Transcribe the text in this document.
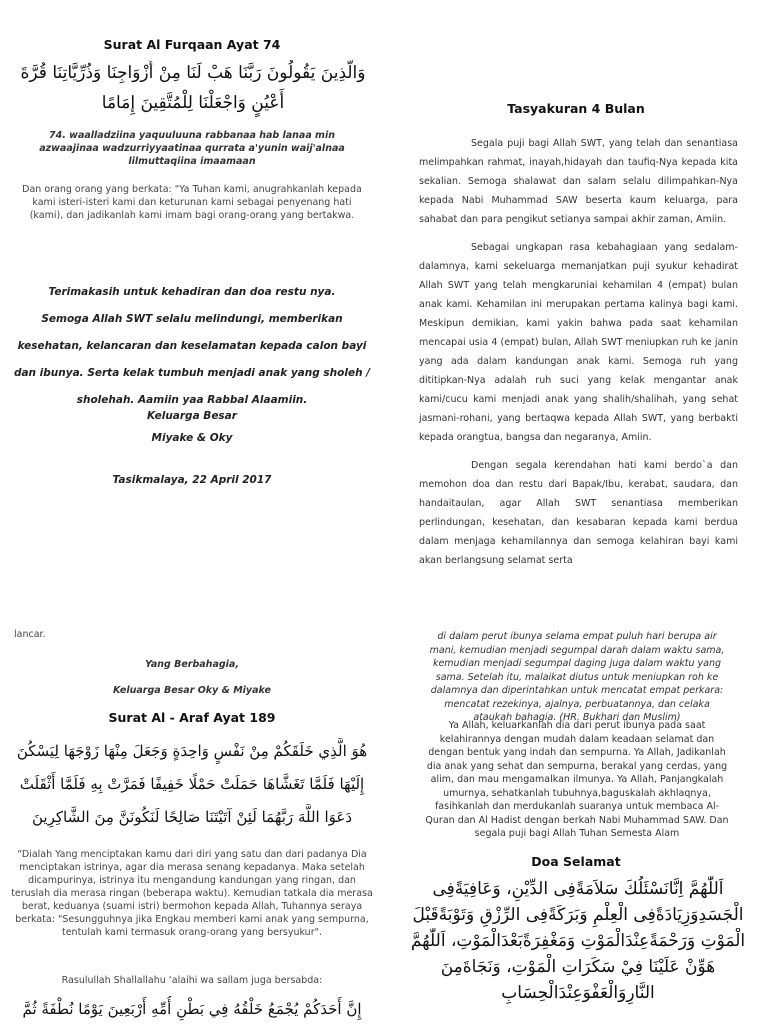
Surat Al Furqaan Ayat 74
وَالَّذِينَ يَقُولُونَ رَبَّنَا هَبْ لَنَا مِنْ أَزْوَاجِنَا وَذُرِّيَّاتِنَا قُرَّةَ
أَعْيُنٍ وَاجْعَلْنَا لِلْمُتَّقِينَ إِمَامًا
74. waalladziina yaquuluuna rabbanaa hab lanaa min azwaajinaa wadzurriyyaatinaa qurrata a'yunin waij'alnaa lilmuttaqiina imaamaan
Dan orang orang yang berkata: "Ya Tuhan kami, anugrahkanlah kepada kami isteri-isteri kami dan keturunan kami sebagai penyenang hati (kami), dan jadikanlah kami imam bagi orang-orang yang bertakwa.
Terimakasih untuk kehadiran dan doa restu nya.
Semoga Allah SWT selalu melindungi, memberikan
kesehatan, kelancaran dan keselamatan kepada calon bayi
dan ibunya. Serta kelak tumbuh menjadi anak yang sholeh /
sholehah. Aamiin yaa Rabbal Alaamiin.
Keluarga Besar
Miyake & Oky
Tasikmalaya, 22 April 2017
Tasyakuran 4 Bulan
Segala puji bagi Allah SWT, yang telah dan senantiasa melimpahkan rahmat, inayah,hidayah dan taufiq-Nya kepada kita sekalian. Semoga shalawat dan salam selalu dilimpahkan-Nya kepada Nabi Muhammad SAW beserta kaum keluarga, para sahabat dan para pengikut setianya sampai akhir zaman, Amiin.
Sebagai ungkapan rasa kebahagiaan yang sedalam-dalamnya, kami sekeluarga memanjatkan puji syukur kehadirat Allah SWT yang telah mengkaruniai kehamilan 4 (empat) bulan anak kami. Kehamilan ini merupakan pertama kalinya bagi kami. Meskipun demikian, kami yakin bahwa pada saat kehamilan mencapai usia 4 (empat) bulan, Allah SWT meniupkan ruh ke janin yang ada dalam kandungan anak kami. Semoga ruh yang dititipkan-Nya adalah ruh suci yang kelak mengantar anak kami/cucu kami menjadi anak yang shalih/shalihah, yang sehat jasmani-rohani, yang bertaqwa kepada Allah SWT, yang berbakti kepada orangtua, bangsa dan negaranya, Amiin.
Dengan segala kerendahan hati kami berdo`a dan memohon doa dan restu dari Bapak/Ibu, kerabat, saudara, dan handaitaulan, agar Allah SWT senantiasa memberikan perlindungan, kesehatan, dan kesabaran kepada kami berdua dalam menjaga kehamilannya dan semoga kelahiran bayi kami akan berlangsung selamat serta
lancar.
Yang Berbahagia,
Keluarga Besar Oky & Miyake
Surat Al - Araf Ayat 189
هُوَ الَّذِي خَلَقَكُمْ مِنْ نَفْسٍ وَاحِدَةٍ وَجَعَلَ مِنْهَا زَوْجَهَا لِيَسْكُنَ
إِلَيْهَا فَلَمَّا تَغَشَّاهَا حَمَلَتْ حَمْلًا خَفِيفًا فَمَرَّتْ بِهِ فَلَمَّا أَثْقَلَتْ
دَعَوَا اللَّهَ رَبَّهُمَا لَئِنْ آتَيْتَنَا صَالِحًا لَنَكُونَنَّ مِنَ الشَّاكِرِينَ
“Dialah Yang menciptakan kamu dari diri yang satu dan dari padanya Dia menciptakan istrinya, agar dia merasa senang kepadanya. Maka setelah dicampurinya, istrinya itu mengandung kandungan yang ringan, dan teruslah dia merasa ringan (beberapa waktu). Kemudian tatkala dia merasa berat, keduanya (suami istri) bermohon kepada Allah, Tuhannya seraya berkata: "Sesungguhnya jika Engkau memberi kami anak yang sempurna, tentulah kami termasuk orang-orang yang bersyukur".
Rasulullah Shallallahu ‘alaihi wa sallam juga bersabda:
إِنَّ أَحَدَكُمْ يُجْمَعُ خَلْقُهُ فِي بَطْنِ أُمِّهِ أَرْبَعِينَ يَوْمًا نُطْفَةً ثُمَّ
di dalam perut ibunya selama empat puluh hari berupa air mani, kemudian menjadi segumpal darah dalam waktu sama, kemudian menjadi segumpal daging juga dalam waktu yang sama. Setelah itu, malaikat diutus untuk meniupkan roh ke dalamnya dan diperintahkan untuk mencatat empat perkara: mencatat rezekinya, ajalnya, perbuatannya, dan celaka ataukah bahagia. (HR. Bukhari dan Muslim)
Ya Allah, keluarkanlah dia dari perut ibunya pada saat kelahirannya dengan mudah dalam keadaan selamat dan dengan bentuk yang indah dan sempurna. Ya Allah, Jadikanlah dia anak yang sehat dan sempurna, berakal yang cerdas, yang alim, dan mau mengamalkan ilmunya. Ya Allah, Panjangkalah umurnya, sehatkanlah tubuhnya,baguskalah akhlaqnya, fasihkanlah dan merdukanlah suaranya untuk membaca Al-Quran dan Al Hadist dengan berkah Nabi Muhammad SAW. Dan segala puji bagi Allah Tuhan Semesta Alam
Doa Selamat
اَللّٰهُمَّ اِنَّانَسْئَلُكَ سَلاَمَةًفِى الدِّيْنِ، وَعَافِيَةًفِى
الْجَسَدِوَزِيَادَةًفِى الْعِلْمِ وَبَرَكَةًفِى الرِّزْقِ وَتَوْبَةًقَبْلَ
الْمَوْتِ وَرَحْمَةًعِنْدَالْمَوْتِ وَمَغْفِرَةًبَعْدَالْمَوْتِ، اَللّٰهُمَّ
هَوِّنْ عَلَيْنَا فِيْ سَكَرَاتِ الْمَوْتِ، وَنَجَاةَمِنَ
النَّارِوَالْعَفْوَعِنْدَالْحِسَابِ
